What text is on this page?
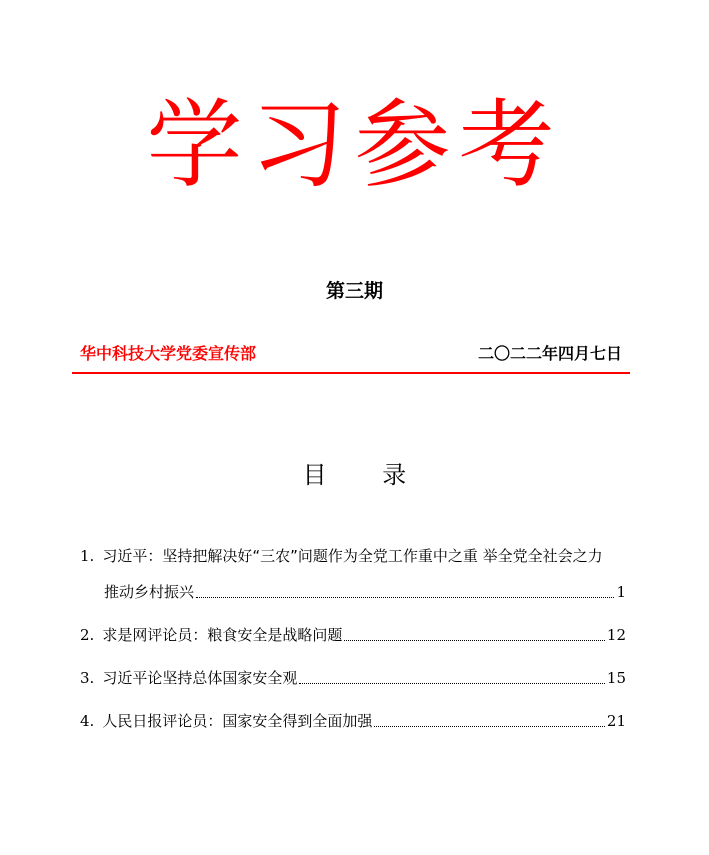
学习参考
第三期
华中科技大学党委宣传部	二〇二二年四月七日
目 录
1. 习近平：坚持把解决好“三农”问题作为全党工作重中之重 举全党全社会之力
推动乡村振兴	1
2. 求是网评论员：粮食安全是战略问题	12
3. 习近平论坚持总体国家安全观	15
4. 人民日报评论员：国家安全得到全面加强	21
